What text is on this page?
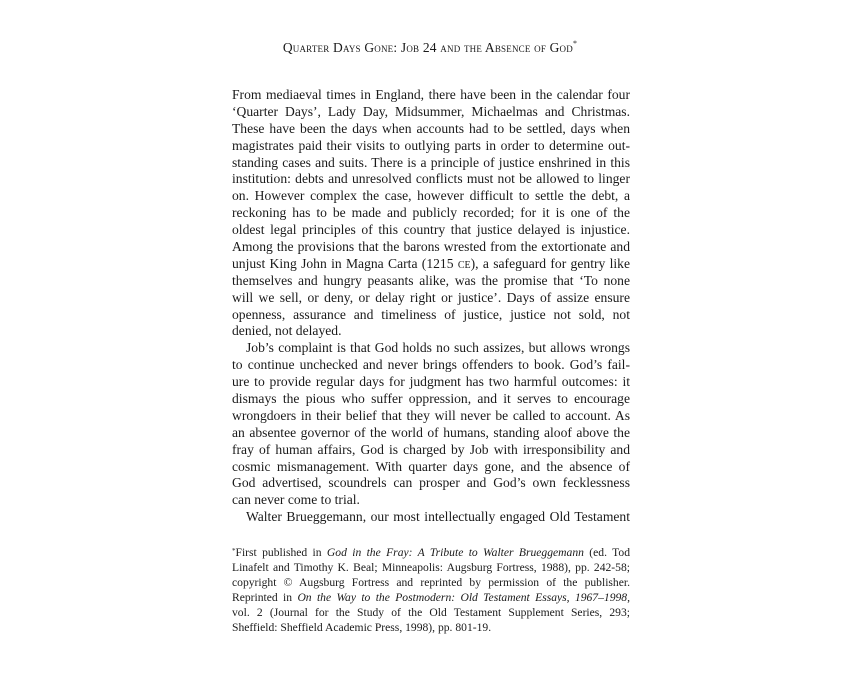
Quarter Days Gone: Job 24 and the Absence of God*
From mediaeval times in England, there have been in the calendar four
‘Quarter Days’, Lady Day, Midsummer, Michaelmas and Christmas.
These have been the days when accounts had to be settled, days when
magistrates paid their visits to outlying parts in order to determine out-
standing cases and suits. There is a principle of justice enshrined in this
institution: debts and unresolved conflicts must not be allowed to linger
on. However complex the case, however difficult to settle the debt, a
reckoning has to be made and publicly recorded; for it is one of the
oldest legal principles of this country that justice delayed is injustice.
Among the provisions that the barons wrested from the extortionate and
unjust King John in Magna Carta (1215 ce), a safeguard for gentry like
themselves and hungry peasants alike, was the promise that ‘To none
will we sell, or deny, or delay right or justice’. Days of assize ensure
openness, assurance and timeliness of justice, justice not sold, not
denied, not delayed.
Job’s complaint is that God holds no such assizes, but allows wrongs
to continue unchecked and never brings offenders to book. God’s fail-
ure to provide regular days for judgment has two harmful outcomes: it
dismays the pious who suffer oppression, and it serves to encourage
wrongdoers in their belief that they will never be called to account. As
an absentee governor of the world of humans, standing aloof above the
fray of human affairs, God is charged by Job with irresponsibility and
cosmic mismanagement. With quarter days gone, and the absence of
God advertised, scoundrels can prosper and God’s own fecklessness
can never come to trial.
Walter Brueggemann, our most intellectually engaged Old Testament
*First published in God in the Fray: A Tribute to Walter Brueggemann (ed. Tod
Linafelt and Timothy K. Beal; Minneapolis: Augsburg Fortress, 1988), pp. 242-58;
copyright © Augsburg Fortress and reprinted by permission of the publisher.
Reprinted in On the Way to the Postmodern: Old Testament Essays, 1967–1998,
vol. 2 (Journal for the Study of the Old Testament Supplement Series, 293;
Sheffield: Sheffield Academic Press, 1998), pp. 801-19.
